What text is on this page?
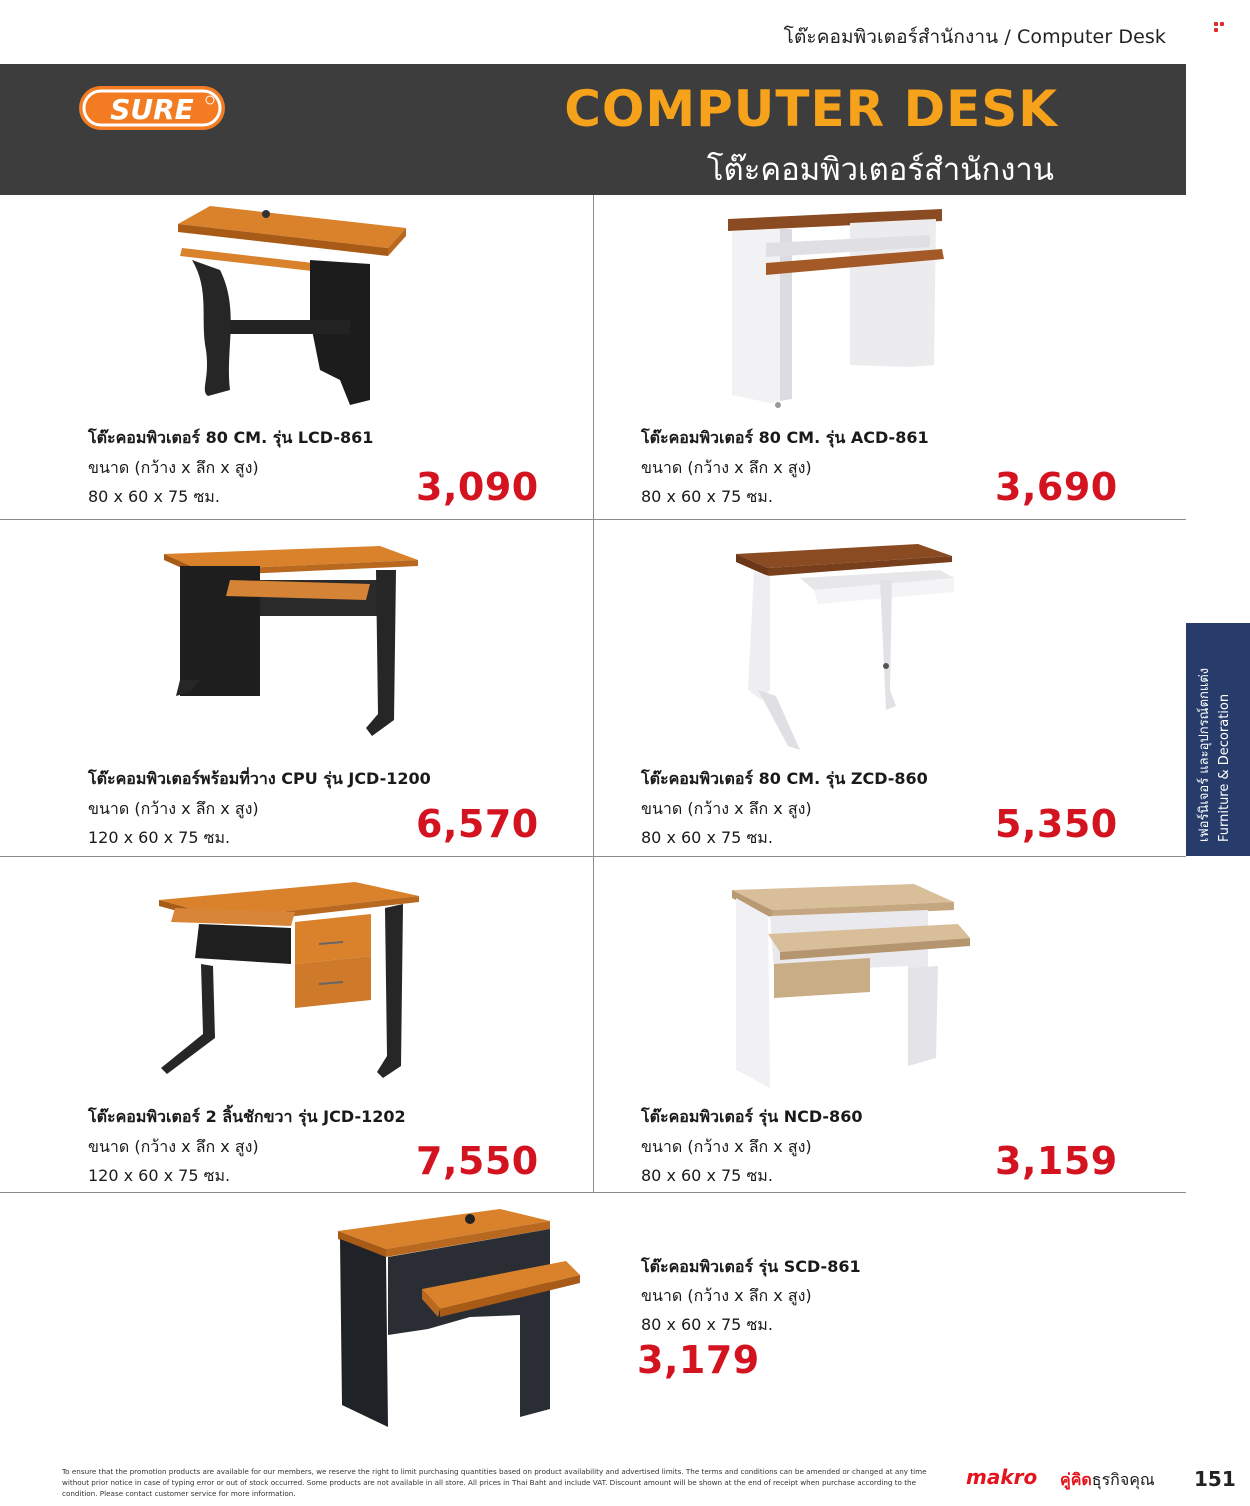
โต๊ะคอมพิวเตอร์สำนักงาน / Computer Desk
SURE	COMPUTER DESK
โต๊ะคอมพิวเตอร์สำนักงาน
โต๊ะคอมพิวเตอร์ 80 CM. รุ่น LCD-861
ขนาด (กว้าง x ลึก x สูง)
80 x 60 x 75 ซม.	3,090
โต๊ะคอมพิวเตอร์ 80 CM. รุ่น ACD-861
ขนาด (กว้าง x ลึก x สูง)
80 x 60 x 75 ซม.	3,690
โต๊ะคอมพิวเตอร์พร้อมที่วาง CPU รุ่น JCD-1200
ขนาด (กว้าง x ลึก x สูง)
120 x 60 x 75 ซม.	6,570
โต๊ะคอมพิวเตอร์ 80 CM. รุ่น ZCD-860
ขนาด (กว้าง x ลึก x สูง)
80 x 60 x 75 ซม.	5,350
โต๊ะคอมพิวเตอร์ 2 ลิ้นชักขวา รุ่น JCD-1202
ขนาด (กว้าง x ลึก x สูง)
120 x 60 x 75 ซม.	7,550
โต๊ะคอมพิวเตอร์ รุ่น NCD-860
ขนาด (กว้าง x ลึก x สูง)
80 x 60 x 75 ซม.	3,159
โต๊ะคอมพิวเตอร์ รุ่น SCD-861
ขนาด (กว้าง x ลึก x สูง)
80 x 60 x 75 ซม.
3,179
เฟอร์นิเจอร์ และอุปกรณ์ตกแต่ง Furniture & Decoration
To ensure that the promotion products are available for our members, we reserve the right to limit purchasing quantities based on product availability and advertised limits. The terms and conditions can be amended or changed at any time without prior notice in case of typing error or out of stock occurred. Some products are not available in all store. All prices in Thai Baht and include VAT. Discount amount will be shown at the end of receipt when purchase according to the condition. Please contact customer service for more information.
makro คู่คิดธุรกิจคุณ 151
